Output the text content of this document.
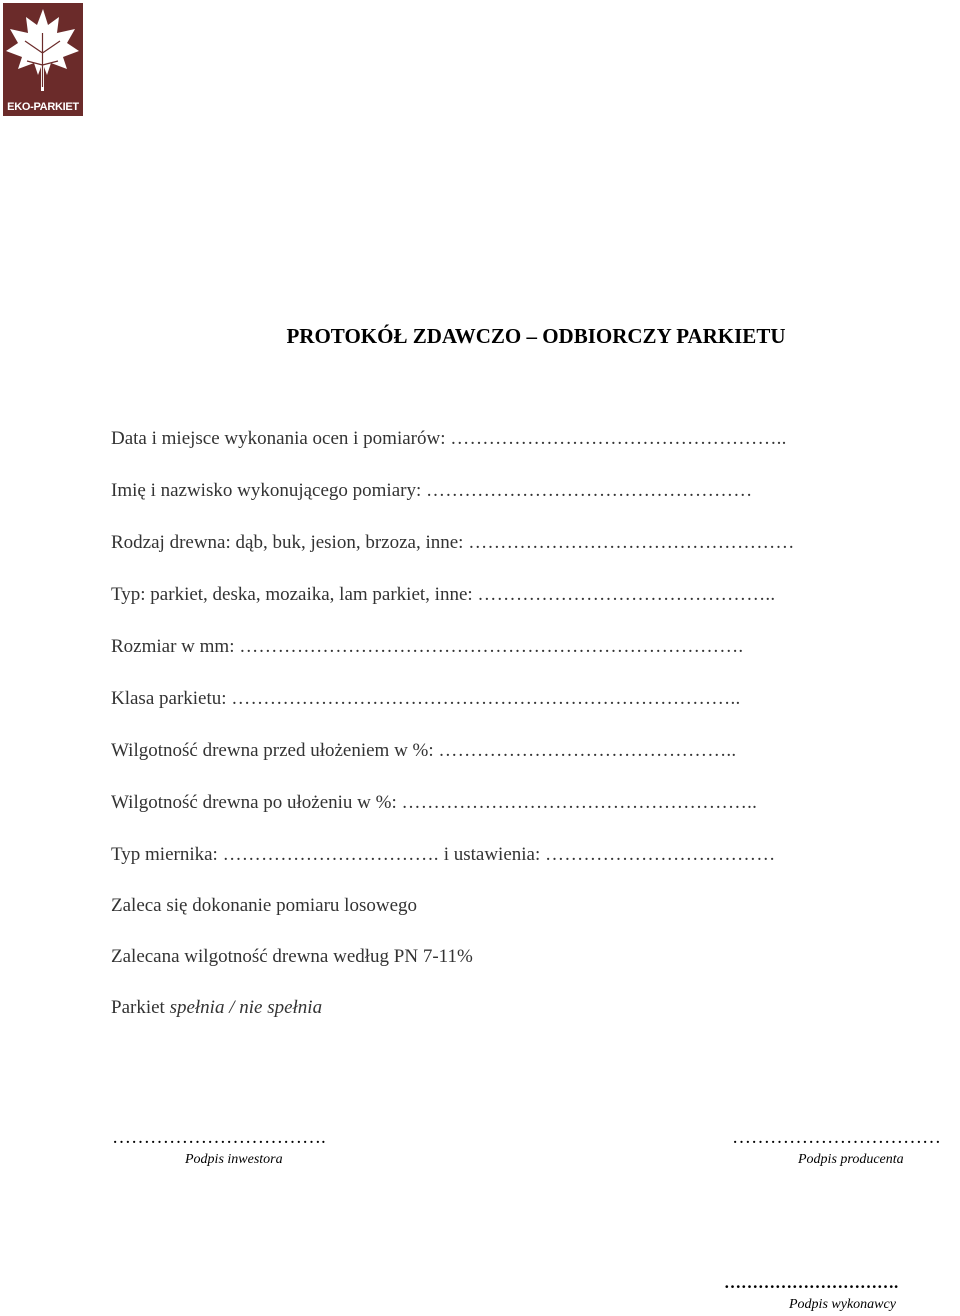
EKO-PARKIET
PROTOKÓŁ ZDAWCZO – ODBIORCZY PARKIETU
Data i miejsce wykonania ocen i pomiarów: ……………………………………………..
Imię i nazwisko wykonującego pomiary: ……………………………………………
Rodzaj drewna: dąb, buk, jesion, brzoza, inne: ……………………………………………
Typ: parkiet, deska, mozaika, lam parkiet, inne: ………………………………………..
Rozmiar w mm: …………………………………………………………………….
Klasa parkietu: ……………………………………………………………………..
Wilgotność drewna przed ułożeniem w %: ………………………………………..
Wilgotność drewna po ułożeniu w %: ………………………………………………..
Typ miernika: ……………………………. i ustawienia: ………………………………
Zaleca się dokonanie pomiaru losowego
Zalecana wilgotność drewna według PN 7-11%
Parkiet spełnia / nie spełnia
…………………………….
Podpis inwestora
……………………………
Podpis producenta
………………………….
Podpis wykonawcy
